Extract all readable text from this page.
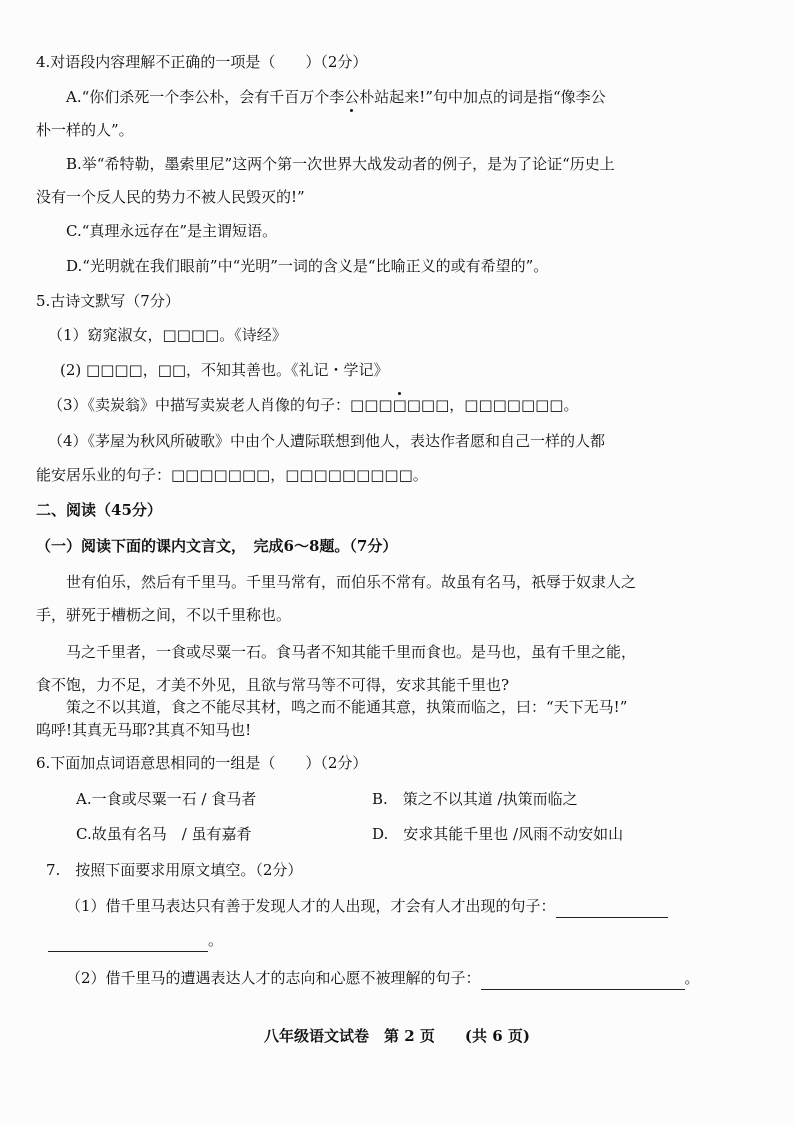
4.对语段内容理解不正确的一项是（　　）（2分）
A.“你们杀死一个李公朴，会有千百万个李公朴站起来!”句中加点的词是指“像李公
朴一样的人”。
B.举“希特勒，墨索里尼”这两个第一次世界大战发动者的例子，是为了论证“历史上
没有一个反人民的势力不被人民毁灭的!”
C.“真理永远存在”是主谓短语。
D.“光明就在我们眼前”中“光明”一词的含义是“比喻正义的或有希望的”。
5.古诗文默写（7分）
（1）窈窕淑女，□□□□。《诗经》
(2) □□□□，□□，不知其善也。《礼记・学记》
（3）《卖炭翁》中描写卖炭老人肖像的句子：□□□□□□□，□□□□□□□。
（4）《茅屋为秋风所破歌》中由个人遭际联想到他人，表达作者愿和自己一样的人都
能安居乐业的句子：□□□□□□□，□□□□□□□□□。
二、阅读（45分）
（一）阅读下面的课内文言文，　完成6～8题。（7分）
世有伯乐，然后有千里马。千里马常有，而伯乐不常有。故虽有名马，祇辱于奴隶人之
手，骈死于槽枥之间，不以千里称也。
马之千里者，一食或尽粟一石。食马者不知其能千里而食也。是马也，虽有千里之能，
食不饱，力不足，才美不外见，且欲与常马等不可得，安求其能千里也?
策之不以其道，食之不能尽其材，鸣之而不能通其意，执策而临之，曰：“天下无马!”
呜呼!其真无马耶?其真不知马也!
6.下面加点词语意思相同的一组是（　　）（2分）
A.一食或尽粟一石 / 食马者	B.　策之不以其道 /执策而临之
C.故虽有名马　/ 虽有嘉肴	D.　安求其能千里也 /风雨不动安如山
7.　按照下面要求用原文填空。（2分）
（1）借千里马表达只有善于发现人才的人出现，才会有人才出现的句子：
。
（2）借千里马的遭遇表达人才的志向和心愿不被理解的句子：	。
八年级语文试卷　第 2 页　　(共 6 页)
